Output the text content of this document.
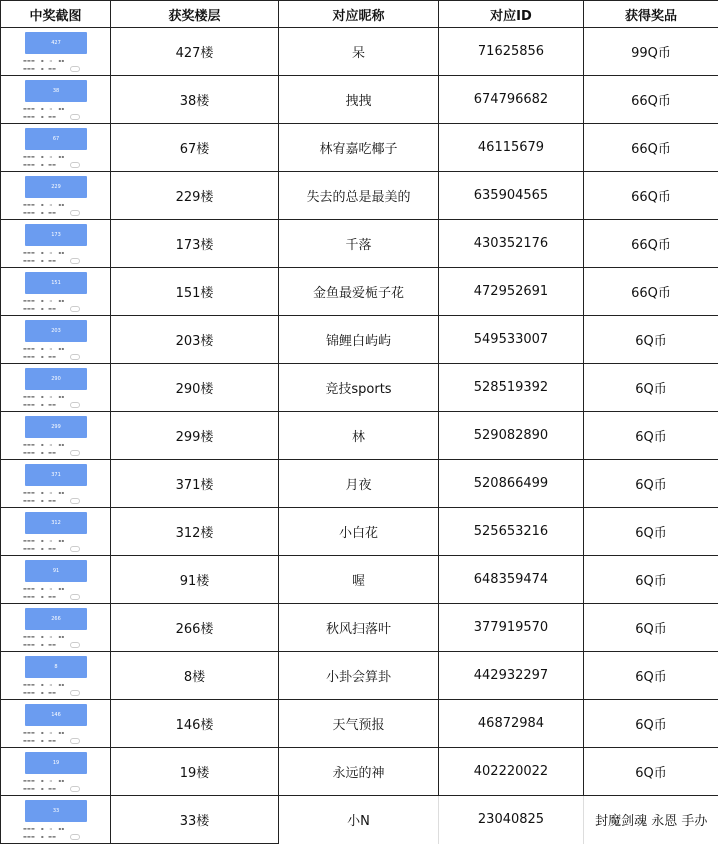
中奖截图	获奖楼层	对应昵称	对应ID	获得奖品

427
▬▬▬    ▪    ▫    ▪▪
▬▬▬    ▪   ▬▬	427楼	呆	71625856	99Q币

38
▬▬▬    ▪    ▫    ▪▪
▬▬▬    ▪   ▬▬	38楼	拽拽	674796682	66Q币

67
▬▬▬    ▪    ▫    ▪▪
▬▬▬    ▪   ▬▬	67楼	林宥嘉吃椰子	46115679	66Q币

229
▬▬▬    ▪    ▫    ▪▪
▬▬▬    ▪   ▬▬	229楼	失去的总是最美的	635904565	66Q币

173
▬▬▬    ▪    ▫    ▪▪
▬▬▬    ▪   ▬▬	173楼	千落	430352176	66Q币

151
▬▬▬    ▪    ▫    ▪▪
▬▬▬    ▪   ▬▬	151楼	金鱼最爱栀子花	472952691	66Q币

203
▬▬▬    ▪    ▫    ▪▪
▬▬▬    ▪   ▬▬	203楼	锦鲤白屿屿	549533007	6Q币

290
▬▬▬    ▪    ▫    ▪▪
▬▬▬    ▪   ▬▬	290楼	竞技sports	528519392	6Q币

299
▬▬▬    ▪    ▫    ▪▪
▬▬▬    ▪   ▬▬	299楼	林	529082890	6Q币

371
▬▬▬    ▪    ▫    ▪▪
▬▬▬    ▪   ▬▬	371楼	月夜	520866499	6Q币

312
▬▬▬    ▪    ▫    ▪▪
▬▬▬    ▪   ▬▬	312楼	小白花	525653216	6Q币

91
▬▬▬    ▪    ▫    ▪▪
▬▬▬    ▪   ▬▬	91楼	喔	648359474	6Q币

266
▬▬▬    ▪    ▫    ▪▪
▬▬▬    ▪   ▬▬	266楼	秋风扫落叶	377919570	6Q币

8
▬▬▬    ▪    ▫    ▪▪
▬▬▬    ▪   ▬▬	8楼	小卦会算卦	442932297	6Q币

146
▬▬▬    ▪    ▫    ▪▪
▬▬▬    ▪   ▬▬	146楼	天气预报	46872984	6Q币

19
▬▬▬    ▪    ▫    ▪▪
▬▬▬    ▪   ▬▬	19楼	永远的神	402220022	6Q币

33
▬▬▬    ▪    ▫    ▪▪
▬▬▬    ▪   ▬▬	33楼	小N	23040825	封魔剑魂 永恩 手办
